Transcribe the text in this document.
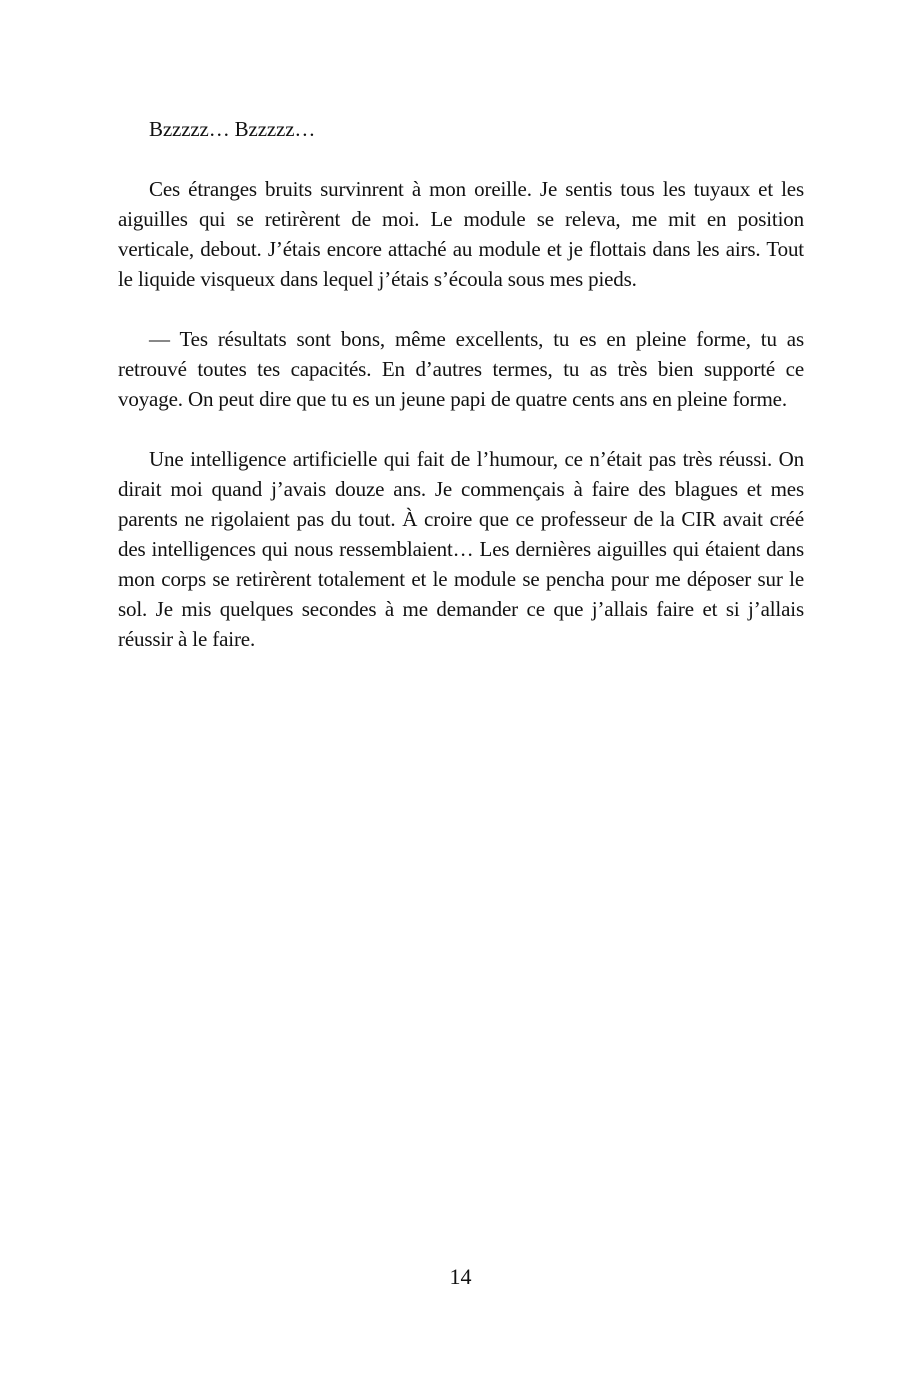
Bzzzzz… Bzzzzz…

Ces étranges bruits survinrent à mon oreille. Je sentis tous les tuyaux et les aiguilles qui se retirèrent de moi. Le module se releva, me mit en position verticale, debout. J’étais encore attaché au module et je flottais dans les airs. Tout le liquide visqueux dans lequel j’étais s’écoula sous mes pieds.

— Tes résultats sont bons, même excellents, tu es en pleine forme, tu as retrouvé toutes tes capacités. En d’autres termes, tu as très bien supporté ce voyage. On peut dire que tu es un jeune papi de quatre cents ans en pleine forme.

Une intelligence artificielle qui fait de l’humour, ce n’était pas très réussi. On dirait moi quand j’avais douze ans. Je commençais à faire des blagues et mes parents ne rigolaient pas du tout. À croire que ce professeur de la CIR avait créé des intelligences qui nous ressemblaient… Les dernières aiguilles qui étaient dans mon corps se retirèrent totalement et le module se pencha pour me déposer sur le sol. Je mis quelques secondes à me demander ce que j’allais faire et si j’allais réussir à le faire.

14
